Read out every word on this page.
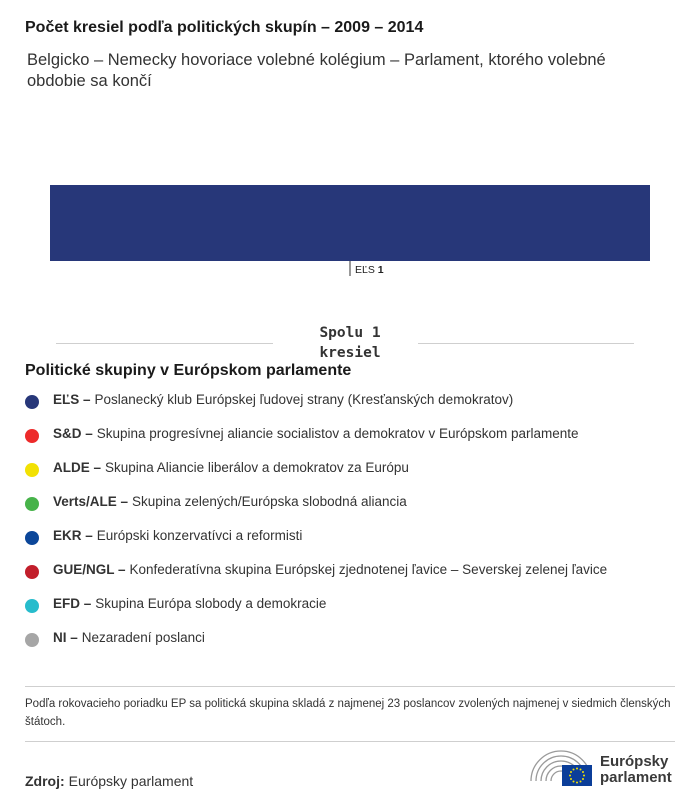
Počet kresiel podľa politických skupín – 2009 – 2014
Belgicko – Nemecky hovoriace volebné kolégium – Parlament, ktorého volebné obdobie sa končí
EĽS 1
Spolu 1 kresiel
Politické skupiny v Európskom parlamente
EĽS – Poslanecký klub Európskej ľudovej strany (Kresťanských demokratov)
S&D – Skupina progresívnej aliancie socialistov a demokratov v Európskom parlamente
ALDE – Skupina Aliancie liberálov a demokratov za Európu
Verts/ALE – Skupina zelených/Európska slobodná aliancia
EKR – Európski konzervatívci a reformisti
GUE/NGL – Konfederatívna skupina Európskej zjednotenej ľavice – Severskej zelenej ľavice
EFD – Skupina Európa slobody a demokracie
NI – Nezaradení poslanci
Podľa rokovacieho poriadku EP sa politická skupina skladá z najmenej 23 poslancov zvolených najmenej v siedmich členských štátoch.
Zdroj: Európsky parlament
Európsky
parlament
